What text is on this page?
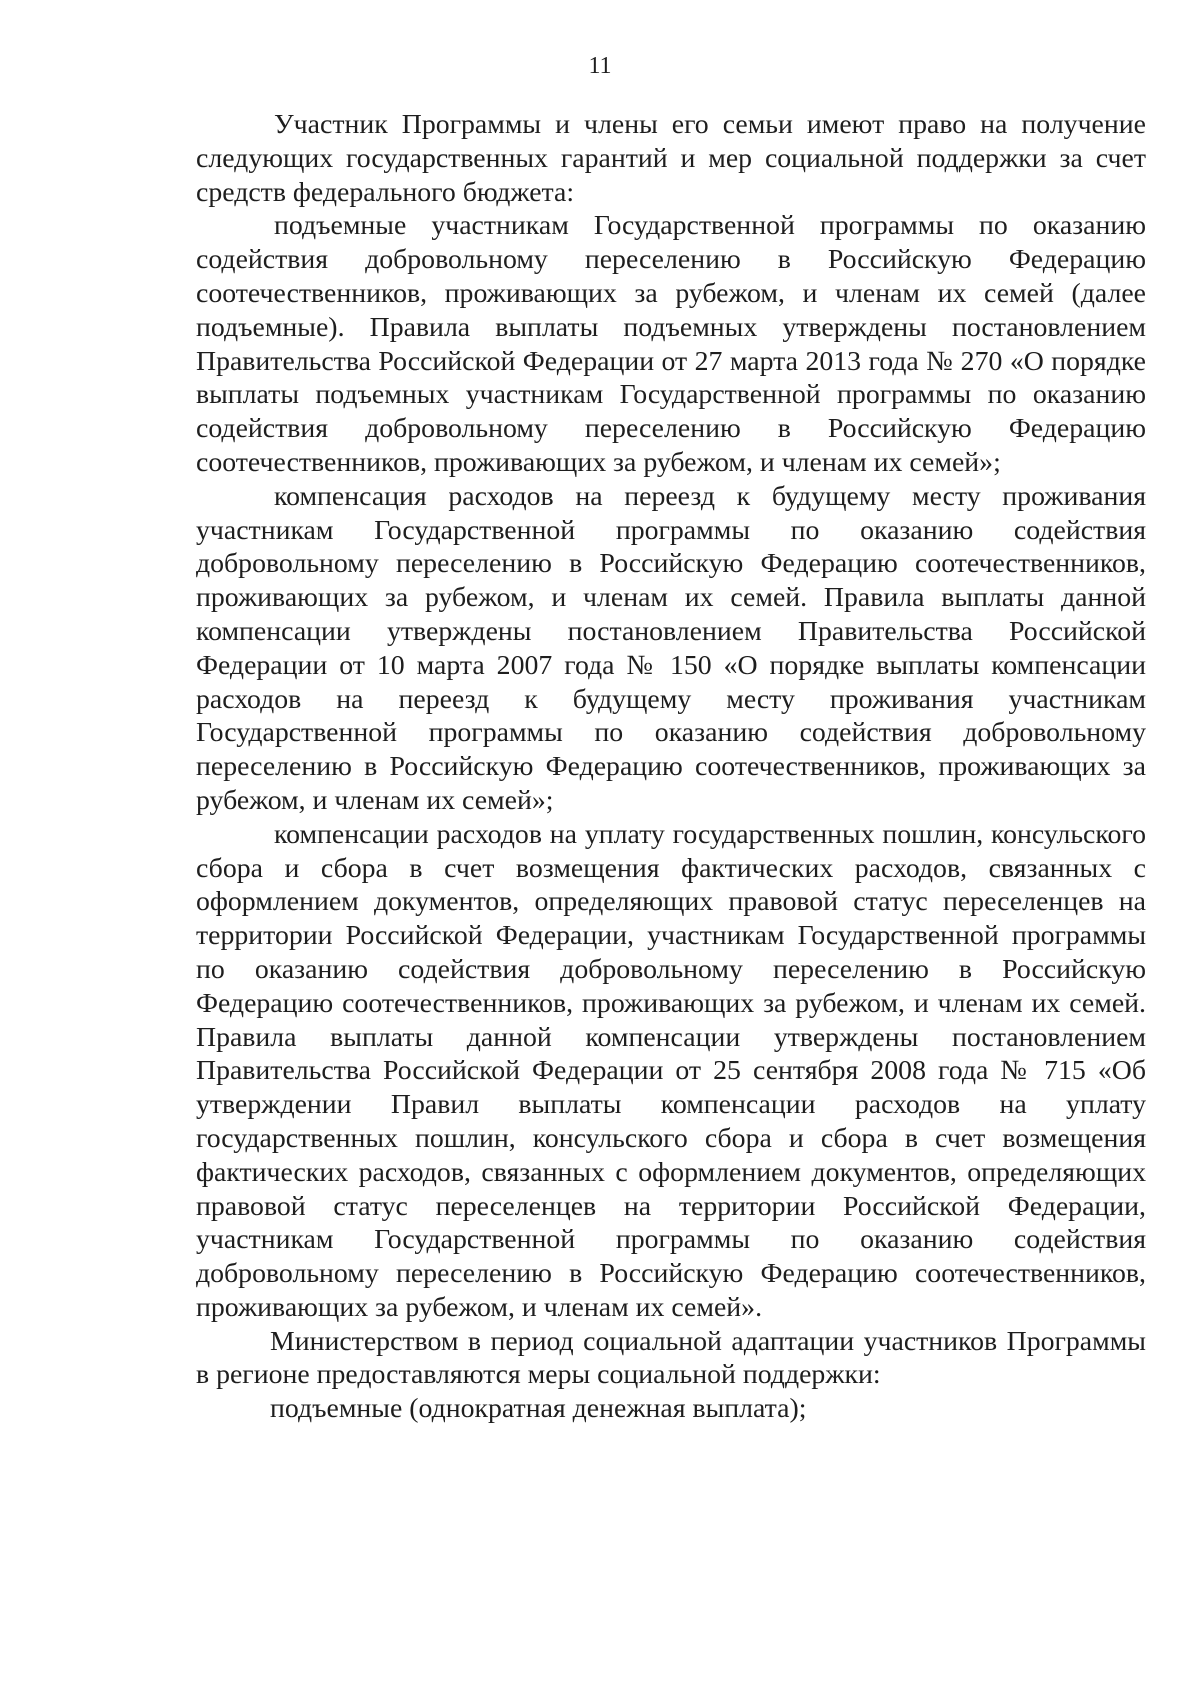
11

Участник Программы и члены его семьи имеют право на получение следующих государственных гарантий и мер социальной поддержки за счет средств федерального бюджета:

подъемные участникам Государственной программы по оказанию содействия добровольному переселению в Российскую Федерацию соотечественников, проживающих за рубежом, и членам их семей (далее подъемные). Правила выплаты подъемных утверждены постановлением Правительства Российской Федерации от 27 марта 2013 года № 270 «О порядке выплаты подъемных участникам Государственной программы по оказанию содействия добровольному переселению в Российскую Федерацию соотечественников, проживающих за рубежом, и членам их семей»;

компенсация расходов на переезд к будущему месту проживания участникам Государственной программы по оказанию содействия добровольному переселению в Российскую Федерацию соотечественников, проживающих за рубежом, и членам их семей. Правила выплаты данной компенсации утверждены постановлением Правительства Российской Федерации от 10 марта 2007 года № 150 «О порядке выплаты компенсации расходов на переезд к будущему месту проживания участникам Государственной программы по оказанию содействия добровольному переселению в Российскую Федерацию соотечественников, проживающих за рубежом, и членам их семей»;

компенсации расходов на уплату государственных пошлин, консульского сбора и сбора в счет возмещения фактических расходов, связанных с оформлением документов, определяющих правовой статус переселенцев на территории Российской Федерации, участникам Государственной программы по оказанию содействия добровольному переселению в Российскую Федерацию соотечественников, проживающих за рубежом, и членам их семей. Правила выплаты данной компенсации утверждены постановлением Правительства Российской Федерации от 25 сентября 2008 года № 715 «Об утверждении Правил выплаты компенсации расходов на уплату государственных пошлин, консульского сбора и сбора в счет возмещения фактических расходов, связанных с оформлением документов, определяющих правовой статус переселенцев на территории Российской Федерации, участникам Государственной программы по оказанию содействия добровольному переселению в Российскую Федерацию соотечественников, проживающих за рубежом, и членам их семей».

Министерством в период социальной адаптации участников Программы в регионе предоставляются меры социальной поддержки:

подъемные (однократная денежная выплата);
